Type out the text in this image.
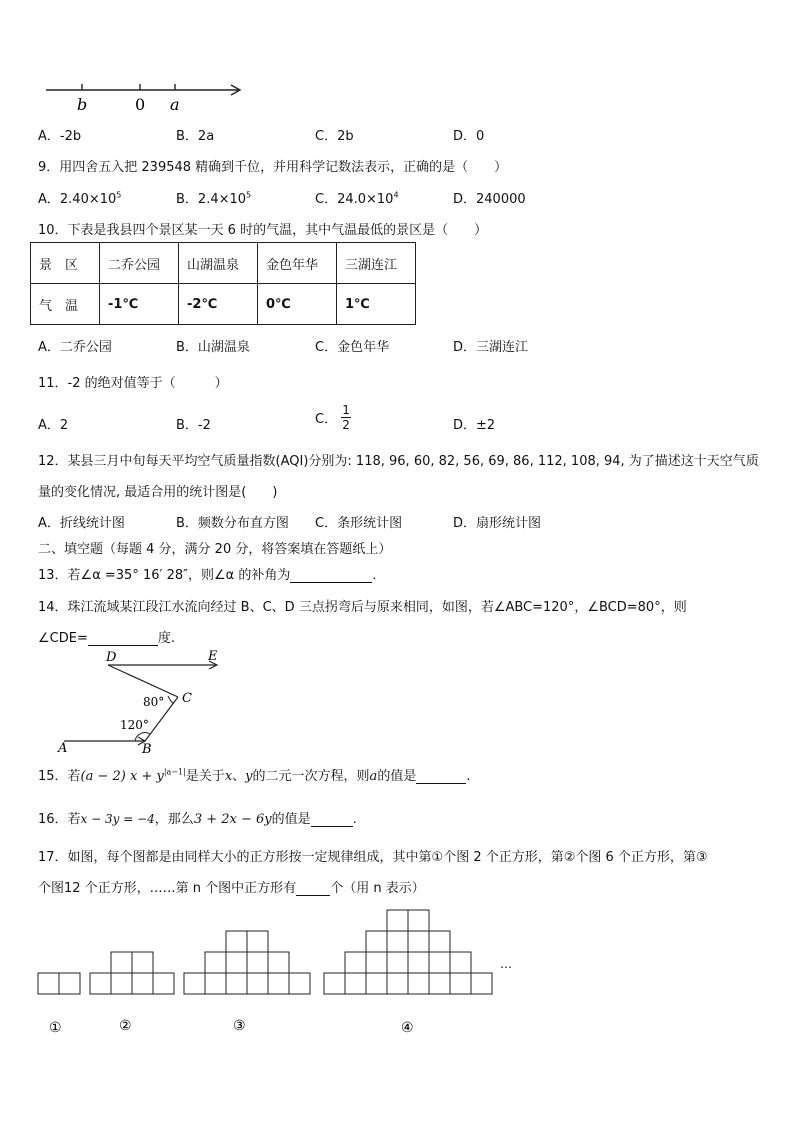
b	0 a
A．-2b	B．2a	C．2b	D．0
9．用四舍五入把 239548 精确到千位，并用科学记数法表示，正确的是（　　）
A．$2.40\times 10^5$	B．$2.4\times 10^5$	C．$24.0\times 10^4$	D．240000
10．下表是我县四个景区某一天 6 时的气温，其中气温最低的景区是（　　）
景　区	二乔公园	山湖温泉	金色年华	三湖连江
气　温	-1℃	-2℃	0℃	1℃
A．二乔公园	B．山湖温泉	C．金色年华	D．三湖连江
11．-2 的绝对值等于（　　　）
A．2	B．-2	C． $\frac{1}{2}$	D．±2
12．某县三月中旬每天平均空气质量指数(AQI)分别为: 118, 96, 60, 82, 56, 69, 86, 112, 108, 94, 为了描述这十天空气质
量的变化情况, 最适合用的统计图是(　　)
A．折线统计图	B．频数分布直方图 C．条形统计图	D．扇形统计图
二、填空题（每题 4 分，满分 20 分，将答案填在答题纸上）
13．若∠α =35° 16′ 28″，则∠α 的补角为	．
14．珠江流域某江段江水流向经过 B、C、D 三点拐弯后与原来相同，如图，若∠ABC=120°，∠BCD=80°，则
∠CDE=	度.
A	B
C
D	E
80°
120°
15．若(a − 2) $x + y^{|a-1|}$是关于x、y的二元一次方程，则a的值是	.
16．若x − 3y = −4，那么3 + 2x − 6y的值是	.
17．如图，每个图都是由同样大小的正方形按一定规律组成，其中第①个图 2 个正方形，第②个图 6 个正方形，第③
个图12 个正方形，……第 n 个图中正方形有	个（用 n 表示）
①	②	③	④
…
